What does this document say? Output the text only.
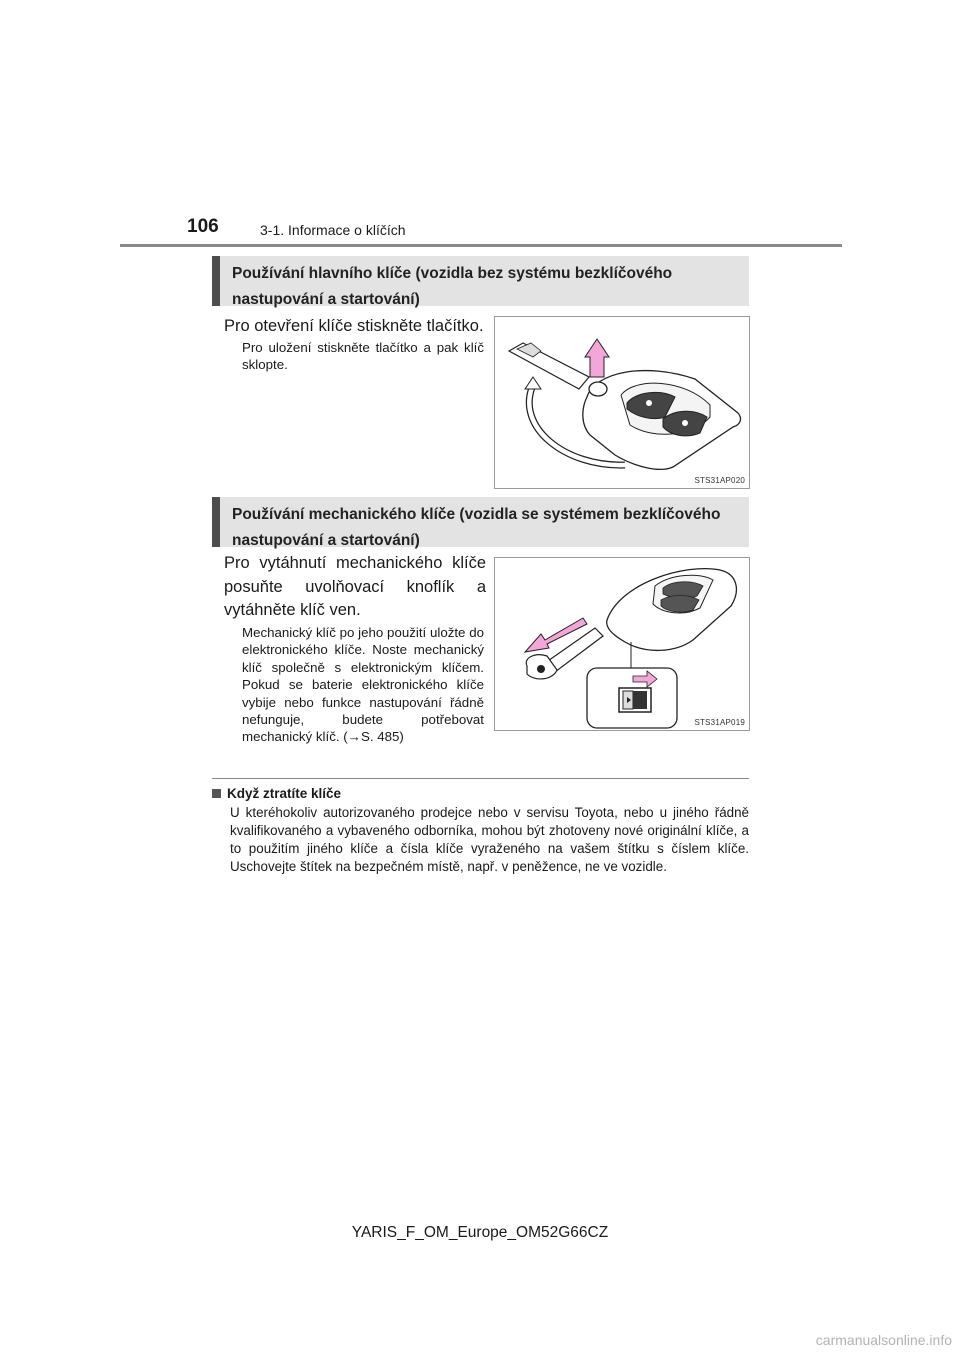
106	3-1. Informace o klíčích
Používání hlavního klíče (vozidla bez systému bezklíčového nastupování a startování)
Pro otevření klíče stiskněte tlačítko.
Pro uložení stiskněte tlačítko a pak klíč sklopte.
STS31AP020
Používání mechanického klíče (vozidla se systémem bezklíčového nastupování a startování)
Pro vytáhnutí mechanického klíče posuňte uvolňovací knoflík a vytáhněte klíč ven.
Mechanický klíč po jeho použití uložte do elektronického klíče. Noste mechanický klíč společně s elektronickým klíčem. Pokud se baterie elektronického klíče vybije nebo funkce nastupování řádně nefunguje, budete potřebovat mechanický klíč. (→S. 485)
STS31AP019
Když ztratíte klíče
U kteréhokoliv autorizovaného prodejce nebo v servisu Toyota, nebo u jiného řádně kvalifikovaného a vybaveného odborníka, mohou být zhotoveny nové originální klíče, a to použitím jiného klíče a čísla klíče vyraženého na vašem štítku s číslem klíče. Uschovejte štítek na bezpečném místě, např. v peněžence, ne ve vozidle.
YARIS_F_OM_Europe_OM52G66CZ
carmanualsonline.info
